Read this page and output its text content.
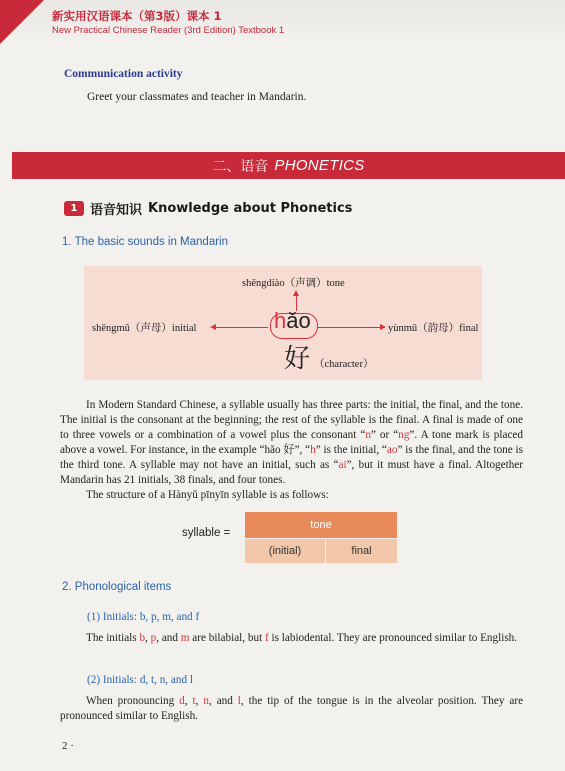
新实用汉语课本（第3版）课本 1
New Practical Chinese Reader (3rd Edition) Textbook 1
Communication activity
Greet your classmates and teacher in Mandarin.
二、语音 PHONETICS
1 语音知识 Knowledge about Phonetics
1. The basic sounds in Mandarin
shēngdiào（声调）tone
shēngmǔ（声母）initial	hǎo	yùnmǔ（韵母）final
好 （character）

In Modern Standard Chinese, a syllable usually has three parts: the initial, the final, and the tone. The initial is the consonant at the beginning; the rest of the syllable is the final. A final is made of one to three vowels or a combination of a vowel plus the consonant “n” or “ng”. A tone mark is placed above a vowel. For instance, in the example “hǎo 好”, “h” is the initial, “ao” is the final, and the tone is the third tone. A syllable may not have an initial, such as “ai”, but it must have a final. Altogether Mandarin has 21 initials, 38 finals, and four tones.

The structure of a Hànyǔ pīnyīn syllable is as follows:

syllable =
tone
(initial)	final
2. Phonological items
(1) Initials: b, p, m, and f

The initials b, p, and m are bilabial, but f is labiodental. They are pronounced similar to English.

(2) Initials: d, t, n, and l

When pronouncing d, t, n, and l, the tip of the tongue is in the alveolar position. They are pronounced similar to English.

2 ·
